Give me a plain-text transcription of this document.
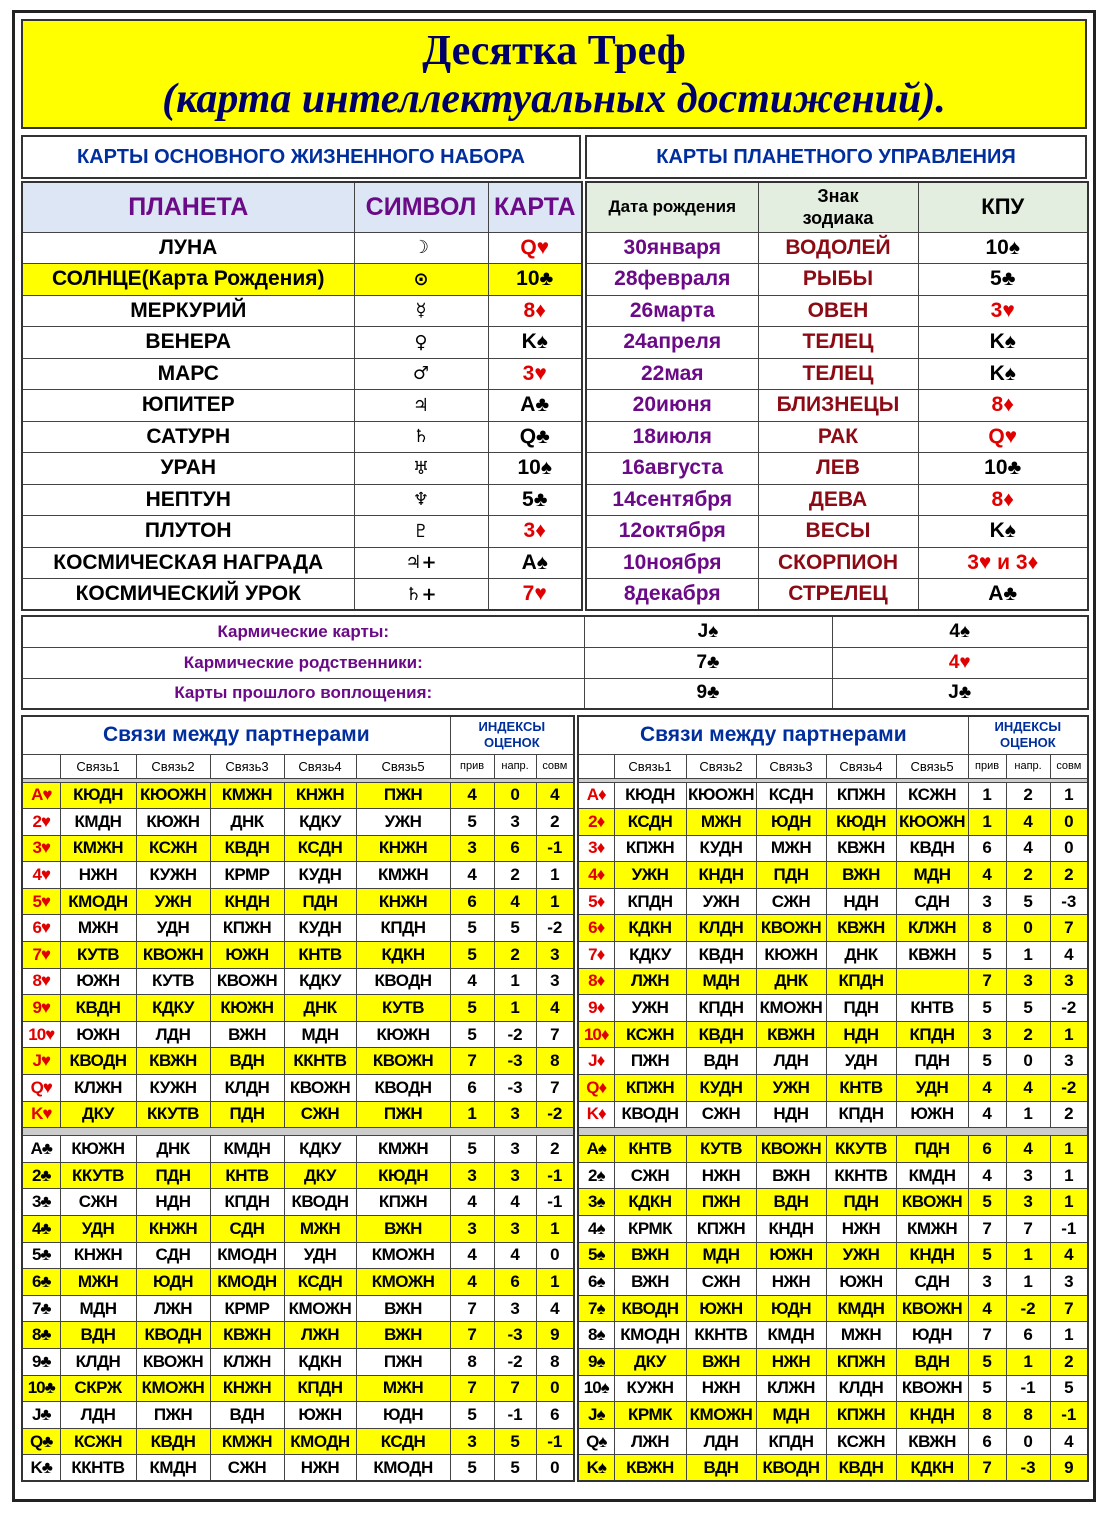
Десятка Треф
(карта интеллектуальных достижений).
КАРТЫ ОСНОВНОГО ЖИЗНЕННОГО НАБОРА	КАРТЫ ПЛАНЕТНОГО УПРАВЛЕНИЯ
ПЛАНЕТА	СИМВОЛ	КАРТА
ЛУНА	☽	Q♥
СОЛНЦЕ(Карта Рождения)	⊙	10♣
МЕРКУРИЙ	☿	8♦
ВЕНЕРА	♀	K♠
МАРС	♂	3♥
ЮПИТЕР	♃	A♣
САТУРН	♄	Q♣
УРАН	♅	10♠
НЕПТУН	♆	5♣
ПЛУТОН	♇	3♦
КОСМИЧЕСКАЯ НАГРАДА	♃+	A♠
КОСМИЧЕСКИЙ УРОК	♄+	7♥
Дата рождения	Знак
зодиака	КПУ
30января	ВОДОЛЕЙ	10♠
28февраля	РЫБЫ	5♣
26марта	ОВЕН	3♥
24апреля	ТЕЛЕЦ	K♠
22мая	ТЕЛЕЦ	K♠
20июня	БЛИЗНЕЦЫ	8♦
18июля	РАК	Q♥
16августа	ЛЕВ	10♣
14сентября	ДЕВА	8♦
12октября	ВЕСЫ	K♠
10ноября	СКОРПИОН	3♥ и 3♦
8декабря	СТРЕЛЕЦ	A♣
Кармические карты:	J♠	4♠
Кармические родственники:	7♣	4♥
Карты прошлого воплощения:	9♣	J♣
Связи между партнерами						ИНДЕКСЫ
ОЦЕНОК		
	Связь1	Связь2	Связь3	Связь4	Связь5	прив	напр.	совм

A♥	КЮДН	КЮОЖН	КМЖН	КНЖН	ПЖН	4	0	4
2♥	КМДН	КЮЖН	ДНК	КДКУ	УЖН	5	3	2
3♥	КМЖН	КСЖН	КВДН	КСДН	КНЖН	3	6	-1
4♥	НЖН	КУЖН	КРМР	КУДН	КМЖН	4	2	1
5♥	КМОДН	УЖН	КНДН	ПДН	КНЖН	6	4	1
6♥	МЖН	УДН	КПЖН	КУДН	КПДН	5	5	-2
7♥	КУТВ	КВОЖН	ЮЖН	КНТВ	КДКН	5	2	3
8♥	ЮЖН	КУТВ	КВОЖН	КДКУ	КВОДН	4	1	3
9♥	КВДН	КДКУ	КЮЖН	ДНК	КУТВ	5	1	4
10♥	ЮЖН	ЛДН	ВЖН	МДН	КЮЖН	5	-2	7
J♥	КВОДН	КВЖН	ВДН	ККНТВ	КВОЖН	7	-3	8
Q♥	КЛЖН	КУЖН	КЛДН	КВОЖН	КВОДН	6	-3	7
K♥	ДКУ	ККУТВ	ПДН	СЖН	ПЖН	1	3	-2

A♣	КЮЖН	ДНК	КМДН	КДКУ	КМЖН	5	3	2
2♣	ККУТВ	ПДН	КНТВ	ДКУ	КЮДН	3	3	-1
3♣	СЖН	НДН	КПДН	КВОДН	КПЖН	4	4	-1
4♣	УДН	КНЖН	СДН	МЖН	ВЖН	3	3	1
5♣	КНЖН	СДН	КМОДН	УДН	КМОЖН	4	4	0
6♣	МЖН	ЮДН	КМОДН	КСДН	КМОЖН	4	6	1
7♣	МДН	ЛЖН	КРМР	КМОЖН	ВЖН	7	3	4
8♣	ВДН	КВОДН	КВЖН	ЛЖН	ВЖН	7	-3	9
9♣	КЛДН	КВОЖН	КЛЖН	КДКН	ПЖН	8	-2	8
10♣	СКРЖ	КМОЖН	КНЖН	КПДН	МЖН	7	7	0
J♣	ЛДН	ПЖН	ВДН	ЮЖН	ЮДН	5	-1	6
Q♣	КСЖН	КВДН	КМЖН	КМОДН	КСДН	3	5	-1
K♣	ККНТВ	КМДН	СЖН	НЖН	КМОДН	5	5	0
Связи между партнерами						ИНДЕКСЫ
ОЦЕНОК		
	Связь1	Связь2	Связь3	Связь4	Связь5	прив	напр.	совм

A♦	КЮДН	КЮОЖН	КСДН	КПЖН	КСЖН	1	2	1
2♦	КСДН	МЖН	ЮДН	КЮДН	КЮОЖН	1	4	0
3♦	КПЖН	КУДН	МЖН	КВЖН	КВДН	6	4	0
4♦	УЖН	КНДН	ПДН	ВЖН	МДН	4	2	2
5♦	КПДН	УЖН	СЖН	НДН	СДН	3	5	-3
6♦	КДКН	КЛДН	КВОЖН	КВЖН	КЛЖН	8	0	7
7♦	КДКУ	КВДН	КЮЖН	ДНК	КВЖН	5	1	4
8♦	ЛЖН	МДН	ДНК	КПДН		7	3	3
9♦	УЖН	КПДН	КМОЖН	ПДН	КНТВ	5	5	-2
10♦	КСЖН	КВДН	КВЖН	НДН	КПДН	3	2	1
J♦	ПЖН	ВДН	ЛДН	УДН	ПДН	5	0	3
Q♦	КПЖН	КУДН	УЖН	КНТВ	УДН	4	4	-2
K♦	КВОДН	СЖН	НДН	КПДН	ЮЖН	4	1	2

A♠	КНТВ	КУТВ	КВОЖН	ККУТВ	ПДН	6	4	1
2♠	СЖН	НЖН	ВЖН	ККНТВ	КМДН	4	3	1
3♠	КДКН	ПЖН	ВДН	ПДН	КВОЖН	5	3	1
4♠	КРМК	КПЖН	КНДН	НЖН	КМЖН	7	7	-1
5♠	ВЖН	МДН	ЮЖН	УЖН	КНДН	5	1	4
6♠	ВЖН	СЖН	НЖН	ЮЖН	СДН	3	1	3
7♠	КВОДН	ЮЖН	ЮДН	КМДН	КВОЖН	4	-2	7
8♠	КМОДН	ККНТВ	КМДН	МЖН	ЮДН	7	6	1
9♠	ДКУ	ВЖН	НЖН	КПЖН	ВДН	5	1	2
10♠	КУЖН	НЖН	КЛЖН	КЛДН	КВОЖН	5	-1	5
J♠	КРМК	КМОЖН	МДН	КПЖН	КНДН	8	8	-1
Q♠	ЛЖН	ЛДН	КПДН	КСЖН	КВЖН	6	0	4
K♠	КВЖН	ВДН	КВОДН	КВДН	КДКН	7	-3	9
